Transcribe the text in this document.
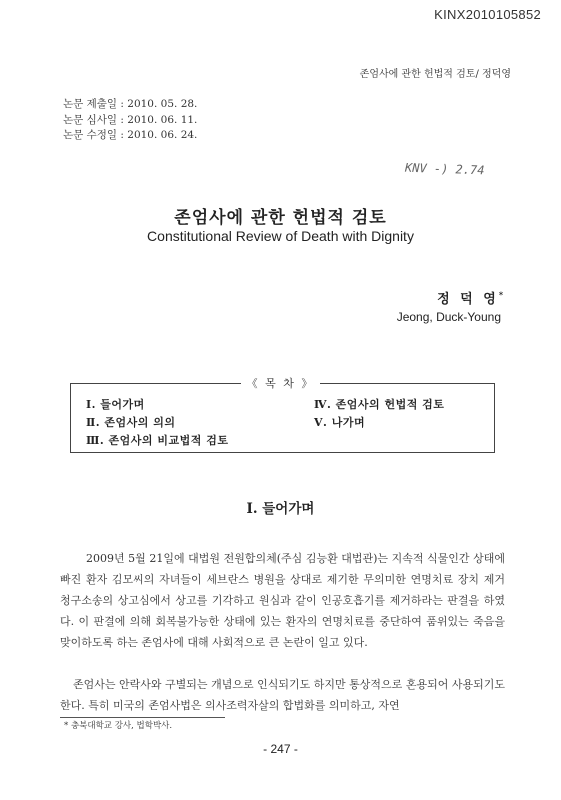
KINX2010105852
존엄사에 관한 헌법적 검토/ 정덕영
논문 제출일 : 2010. 05. 28.
논문 심사일 : 2010. 06. 11.
논문 수정일 : 2010. 06. 24.
KNV -) 2.74
존엄사에 관한 헌법적 검토
Constitutional Review of Death with Dignity
정 덕 영*
Jeong, Duck-Young
Ⅰ. 들어가며
Ⅱ. 존엄사의 의의
Ⅲ. 존엄사의 비교법적 검토
Ⅳ. 존엄사의 헌법적 검토
Ⅴ. 나가며
《 목 차 》
Ⅰ. 들어가며
2009년 5월 21일에 대법원 전원합의체(주심 김능환 대법관)는 지속적 식물인간 상태에 빠진 환자 김모씨의 자녀들이 세브란스 병원을 상대로 제기한 무의미한 연명치료 장치 제거 청구소송의 상고심에서 상고를 기각하고 원심과 같이 인공호흡기를 제거하라는 판결을 하였다. 이 판결에 의해 회복불가능한 상태에 있는 환자의 연명치료를 중단하여 품위있는 죽음을 맞이하도록 하는 존엄사에 대해 사회적으로 큰 논란이 일고 있다.
존엄사는 안락사와 구별되는 개념으로 인식되기도 하지만 통상적으로 혼용되어 사용되기도 한다. 특히 미국의 존엄사법은 의사조력자살의 합법화를 의미하고, 자연
* 충북대학교 강사, 법학박사.
- 247 -
